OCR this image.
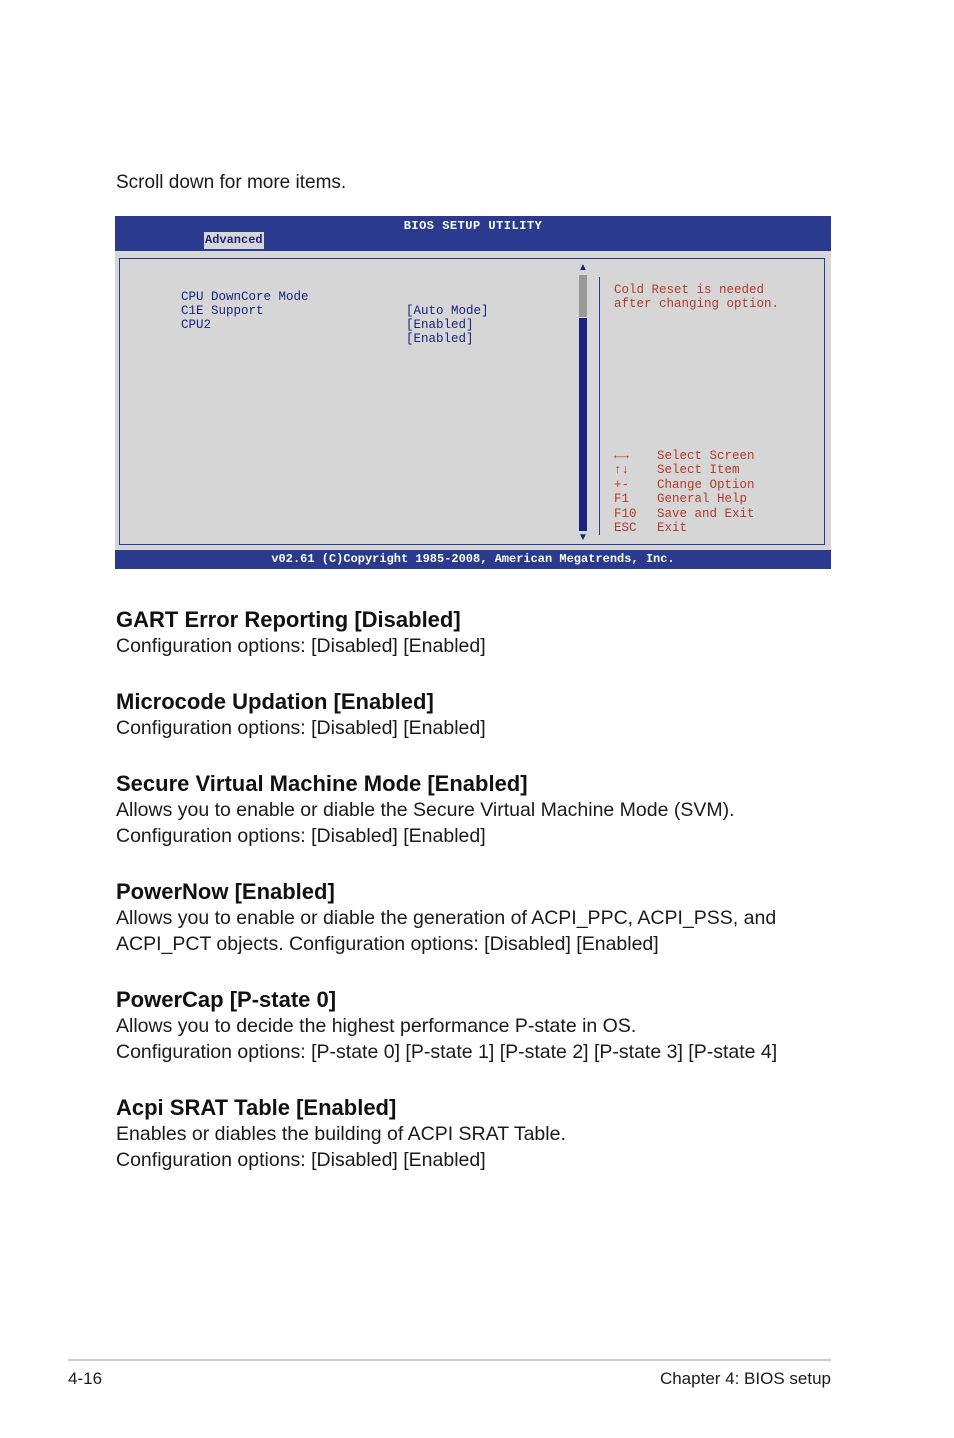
Scroll down for more items.
BIOS SETUP UTILITY
Advanced

CPU DownCore Mode

[Auto Mode]

C1E Support

[Enabled]

CPU2

[Enabled]

▲
▼
Cold Reset is needed
after changing option.
←→ Select Screen
↑↓ Select Item
+- Change Option
F1 General Help
F10 Save and Exit
ESC Exit
v02.61 (C)Copyright 1985-2008, American Megatrends, Inc.
GART Error Reporting [Disabled]

Configuration options: [Disabled] [Enabled]

Microcode Updation [Enabled]

Configuration options: [Disabled] [Enabled]

Secure Virtual Machine Mode [Enabled]

Allows you to enable or diable the Secure Virtual Machine Mode (SVM).

Configuration options: [Disabled] [Enabled]

PowerNow [Enabled]

Allows you to enable or diable the generation of ACPI_PPC, ACPI_PSS, and

ACPI_PCT objects. Configuration options: [Disabled] [Enabled]

PowerCap [P-state 0]

Allows you to decide the highest performance P-state in OS.

Configuration options: [P-state 0] [P-state 1] [P-state 2] [P-state 3] [P-state 4]

Acpi SRAT Table [Enabled]

Enables or diables the building of ACPI SRAT Table.

Configuration options: [Disabled] [Enabled]

4-16	Chapter 4: BIOS setup
